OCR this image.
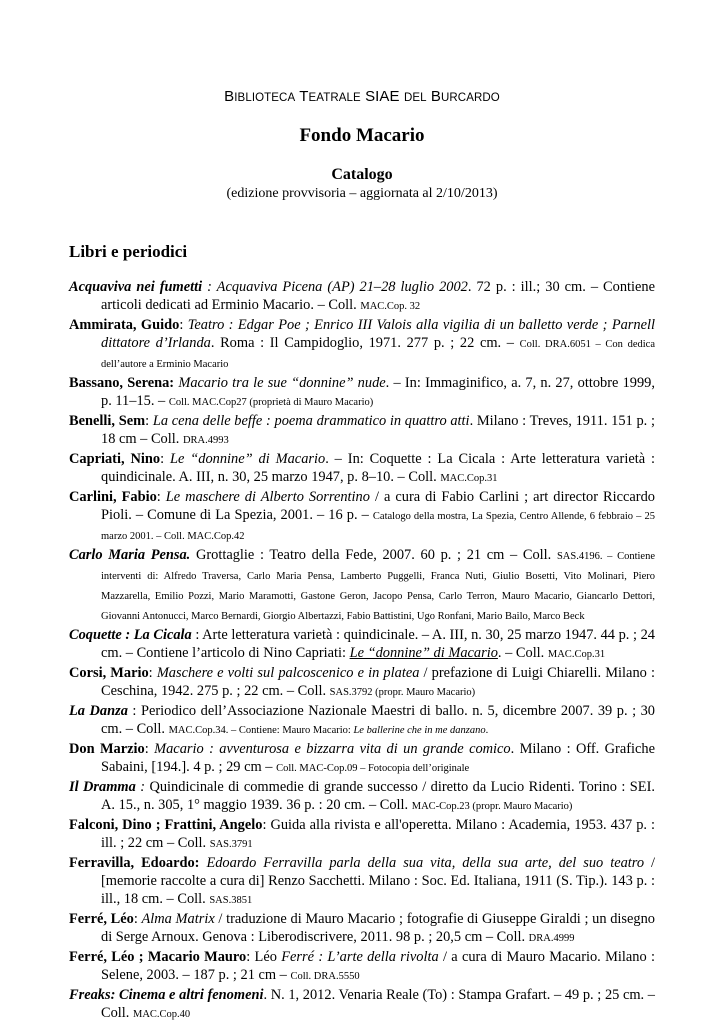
BIBLIOTECA TEATRALE SIAE DEL BURCARDO
Fondo Macario
Catalogo
(edizione provvisoria – aggiornata al 2/10/2013)
Libri e periodici

Acquaviva nei fumetti : Acquaviva Picena (AP) 21–28 luglio 2002. 72 p. : ill.; 30 cm. – Contiene articoli dedicati ad Erminio Macario. – Coll. MAC.Cop. 32

Ammirata, Guido: Teatro : Edgar Poe ; Enrico III Valois alla vigilia di un balletto verde ; Parnell dittatore d’Irlanda. Roma : Il Campidoglio, 1971. 277 p. ; 22 cm. – Coll. DRA.6051 – Con dedica dell’autore a Erminio Macario

Bassano, Serena: Macario tra le sue “donnine” nude. – In: Immaginifico, a. 7, n. 27, ottobre 1999, p. 11–15. – Coll. MAC.Cop27 (proprietà di Mauro Macario)

Benelli, Sem: La cena delle beffe : poema drammatico in quattro atti. Milano : Treves, 1911. 151 p. ; 18 cm – Coll. DRA.4993

Capriati, Nino: Le “donnine” di Macario. – In: Coquette : La Cicala : Arte letteratura varietà : quindicinale. A. III, n. 30, 25 marzo 1947, p. 8–10. – Coll. MAC.Cop.31

Carlini, Fabio: Le maschere di Alberto Sorrentino / a cura di Fabio Carlini ; art director Riccardo Pioli. – Comune di La Spezia, 2001. – 16 p. – Catalogo della mostra, La Spezia, Centro Allende, 6 febbraio – 25 marzo 2001. – Coll. MAC.Cop.42

Carlo Maria Pensa. Grottaglie : Teatro della Fede, 2007. 60 p. ; 21 cm – Coll. SAS.4196. – Contiene interventi di: Alfredo Traversa, Carlo Maria Pensa, Lamberto Puggelli, Franca Nuti, Giulio Bosetti, Vito Molinari, Piero Mazzarella, Emilio Pozzi, Mario Maramotti, Gastone Geron, Jacopo Pensa, Carlo Terron, Mauro Macario, Giancarlo Dettori, Giovanni Antonucci, Marco Bernardi, Giorgio Albertazzi, Fabio Battistini, Ugo Ronfani, Mario Bailo, Marco Beck

Coquette : La Cicala : Arte letteratura varietà : quindicinale. – A. III, n. 30, 25 marzo 1947. 44 p. ; 24 cm. – Contiene l’articolo di Nino Capriati: Le “donnine” di Macario. – Coll. MAC.Cop.31

Corsi, Mario: Maschere e volti sul palcoscenico e in platea / prefazione di Luigi Chiarelli. Milano : Ceschina, 1942. 275 p. ; 22 cm. – Coll. SAS.3792 (propr. Mauro Macario)

La Danza : Periodico dell’Associazione Nazionale Maestri di ballo. n. 5, dicembre 2007. 39 p. ; 30 cm. – Coll. MAC.Cop.34. – Contiene: Mauro Macario: Le ballerine che in me danzano.

Don Marzio: Macario : avventurosa e bizzarra vita di un grande comico. Milano : Off. Grafiche Sabaini, [194.]. 4 p. ; 29 cm – Coll. MAC-Cop.09 – Fotocopia dell’originale

Il Dramma : Quindicinale di commedie di grande successo / diretto da Lucio Ridenti. Torino : SEI. A. 15., n. 305, 1° maggio 1939. 36 p. : 20 cm. – Coll. MAC-Cop.23 (propr. Mauro Macario)

Falconi, Dino ; Frattini, Angelo: Guida alla rivista e all'operetta. Milano : Academia, 1953. 437 p. : ill. ; 22 cm – Coll. SAS.3791

Ferravilla, Edoardo: Edoardo Ferravilla parla della sua vita, della sua arte, del suo teatro / [memorie raccolte a cura di] Renzo Sacchetti. Milano : Soc. Ed. Italiana, 1911 (S. Tip.). 143 p. : ill., 18 cm. – Coll. SAS.3851

Ferré, Léo: Alma Matrix / traduzione di Mauro Macario ; fotografie di Giuseppe Giraldi ; un disegno di Serge Arnoux. Genova : Liberodiscrivere, 2011. 98 p. ; 20,5 cm – Coll. DRA.4999

Ferré, Léo ; Macario Mauro: Léo Ferré : L’arte della rivolta / a cura di Mauro Macario. Milano : Selene, 2003. – 187 p. ; 21 cm – Coll. DRA.5550

Freaks: Cinema e altri fenomeni. N. 1, 2012. Venaria Reale (To) : Stampa Grafart. – 49 p. ; 25 cm. – Coll. MAC.Cop.40
